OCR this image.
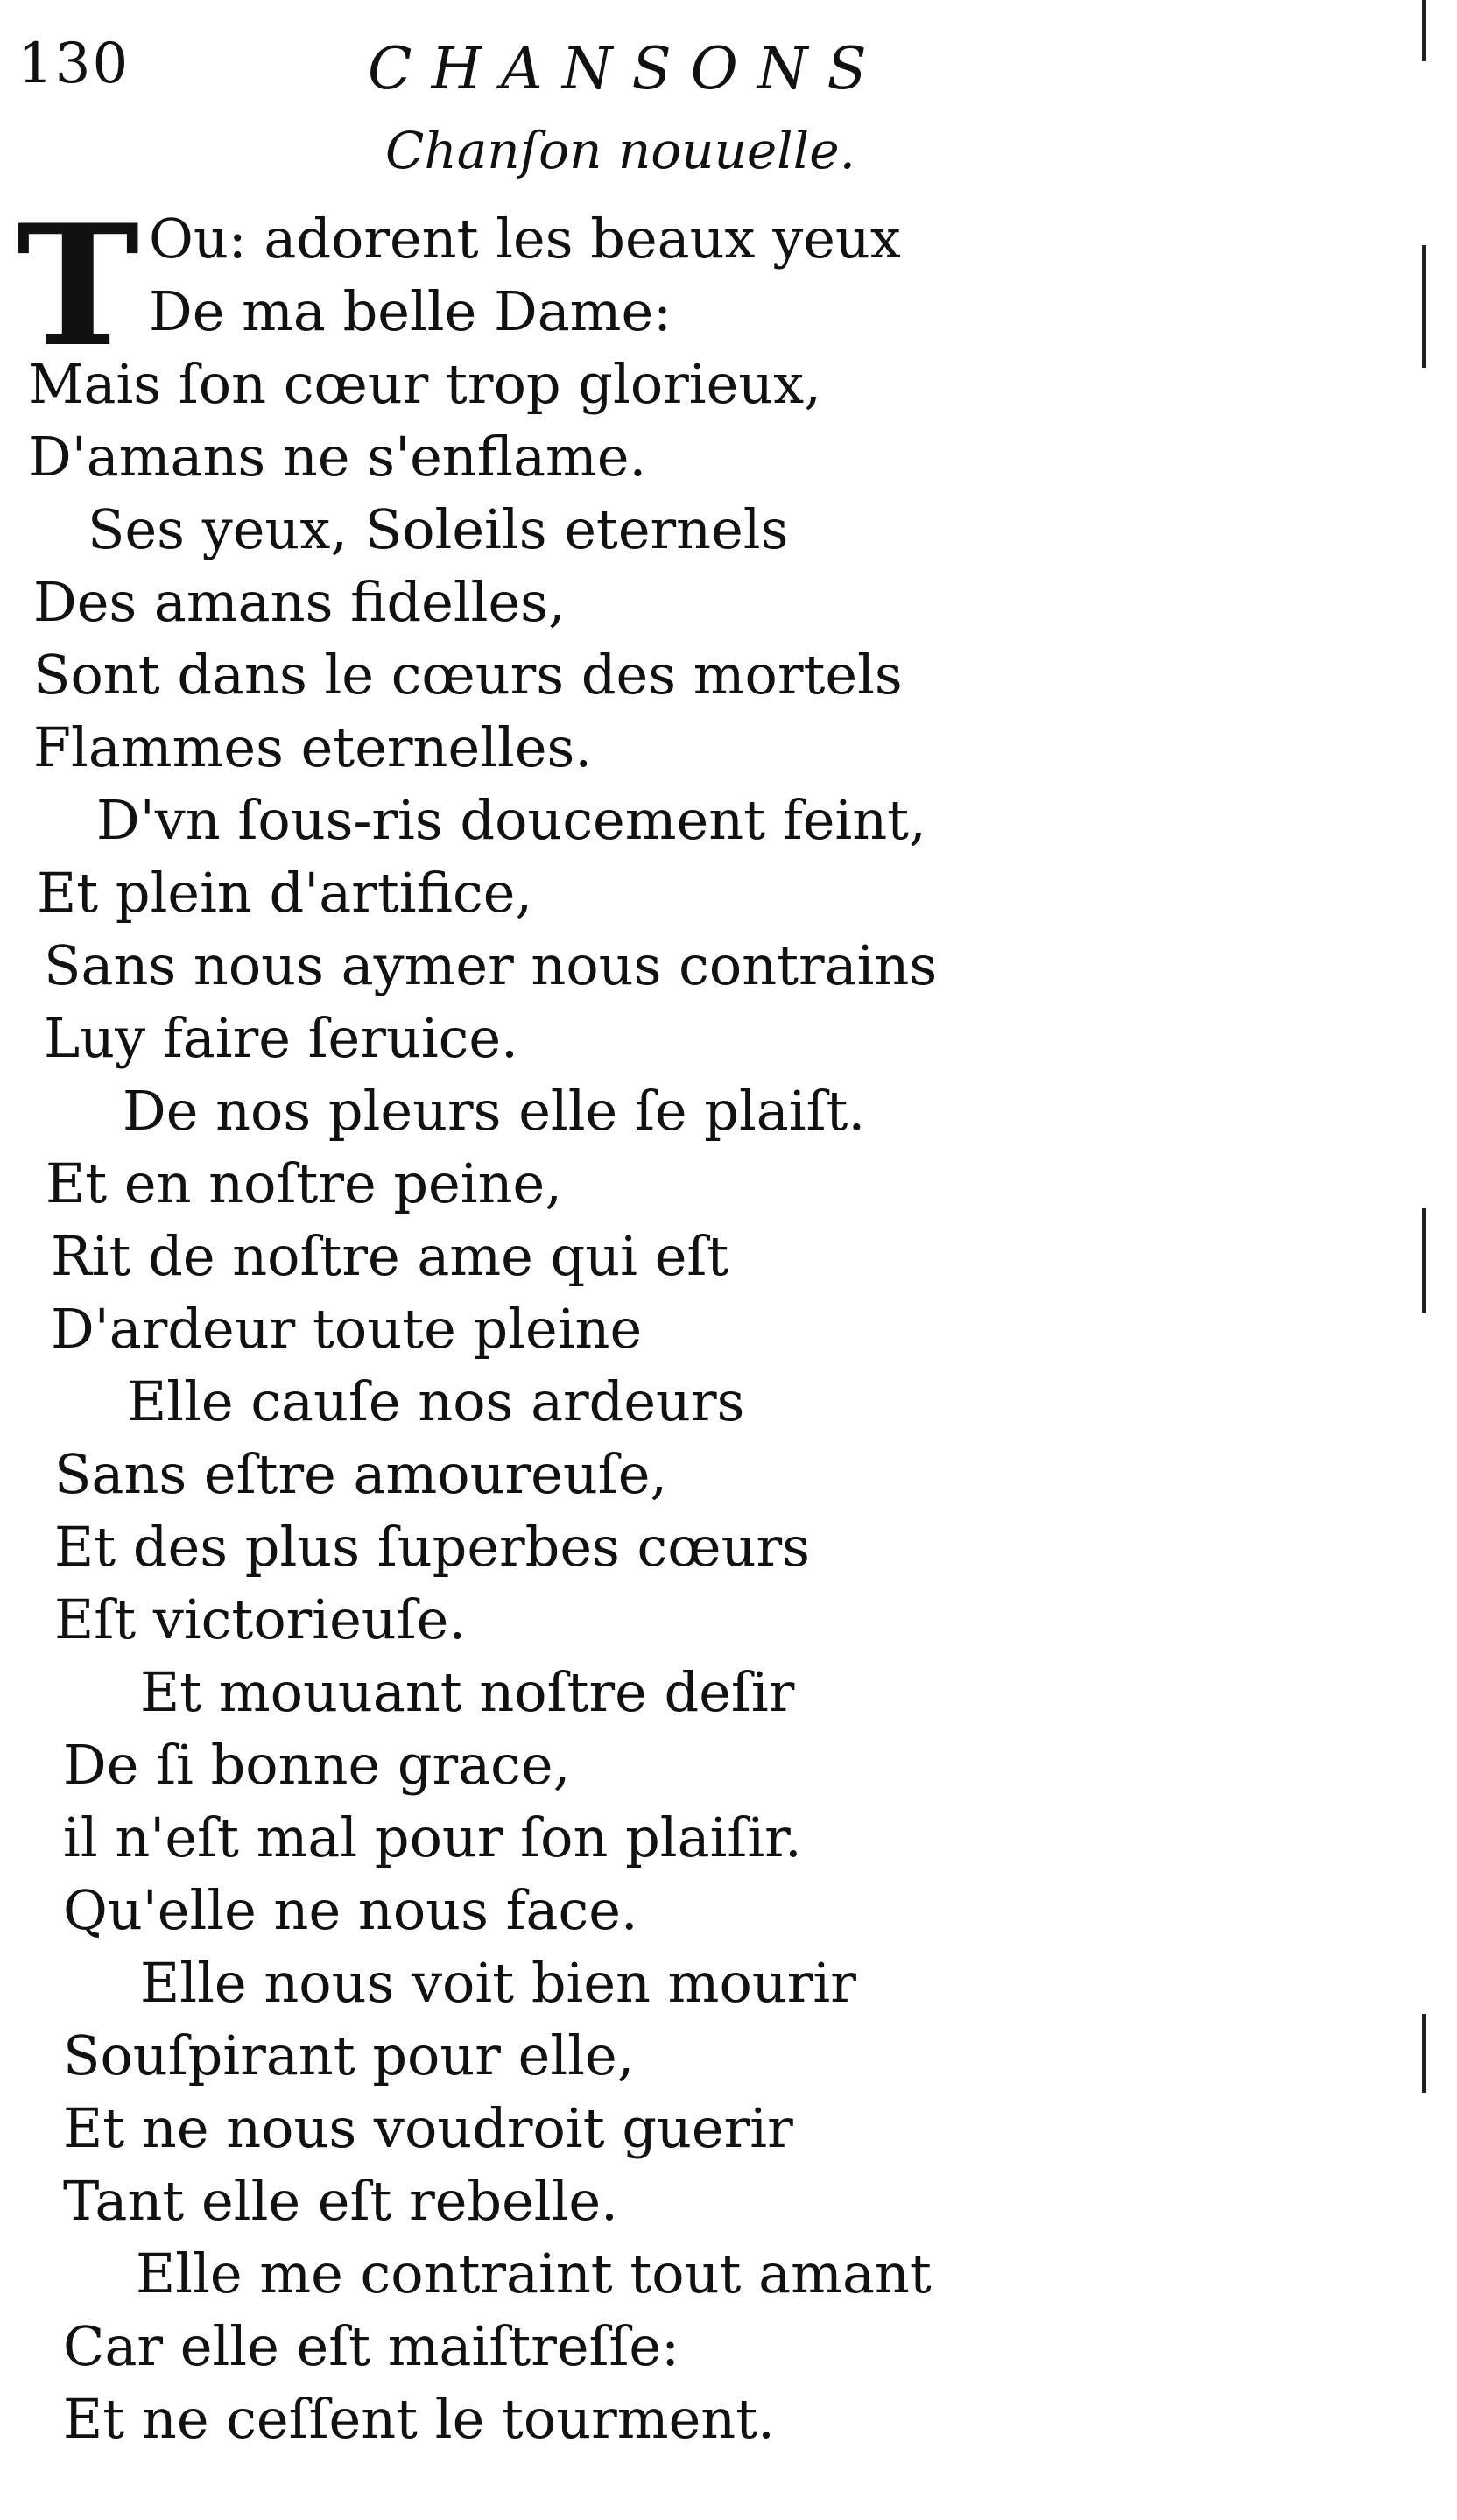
130	CHANSONS
Chanſon nouuelle.
T Ou: adorent les beaux yeux
De ma belle Dame:
Mais ſon cœur trop glorieux,
D'amans ne s'enflame.
Ses yeux, Soleils eternels
Des amans fidelles,
Sont dans le cœurs des mortels
Flammes eternelles.
D'vn ſous-ris doucement feint,
Et plein d'artifice,
Sans nous aymer nous contrains
Luy faire ſeruice.
De nos pleurs elle ſe plaiſt.
Et en noſtre peine,
Rit de noſtre ame qui eſt
D'ardeur toute pleine
Elle cauſe nos ardeurs
Sans eſtre amoureuſe,
Et des plus ſuperbes cœurs
Eſt victorieuſe.
Et mouuant noſtre deſir
De ſi bonne grace,
il n'eſt mal pour ſon plaiſir.
Qu'elle ne nous face.
Elle nous voit bien mourir
Souſpirant pour elle,
Et ne nous voudroit guerir
Tant elle eſt rebelle.
Elle me contraint tout amant
Car elle eſt maiſtreſſe:
Et ne ceſſent le tourment.
